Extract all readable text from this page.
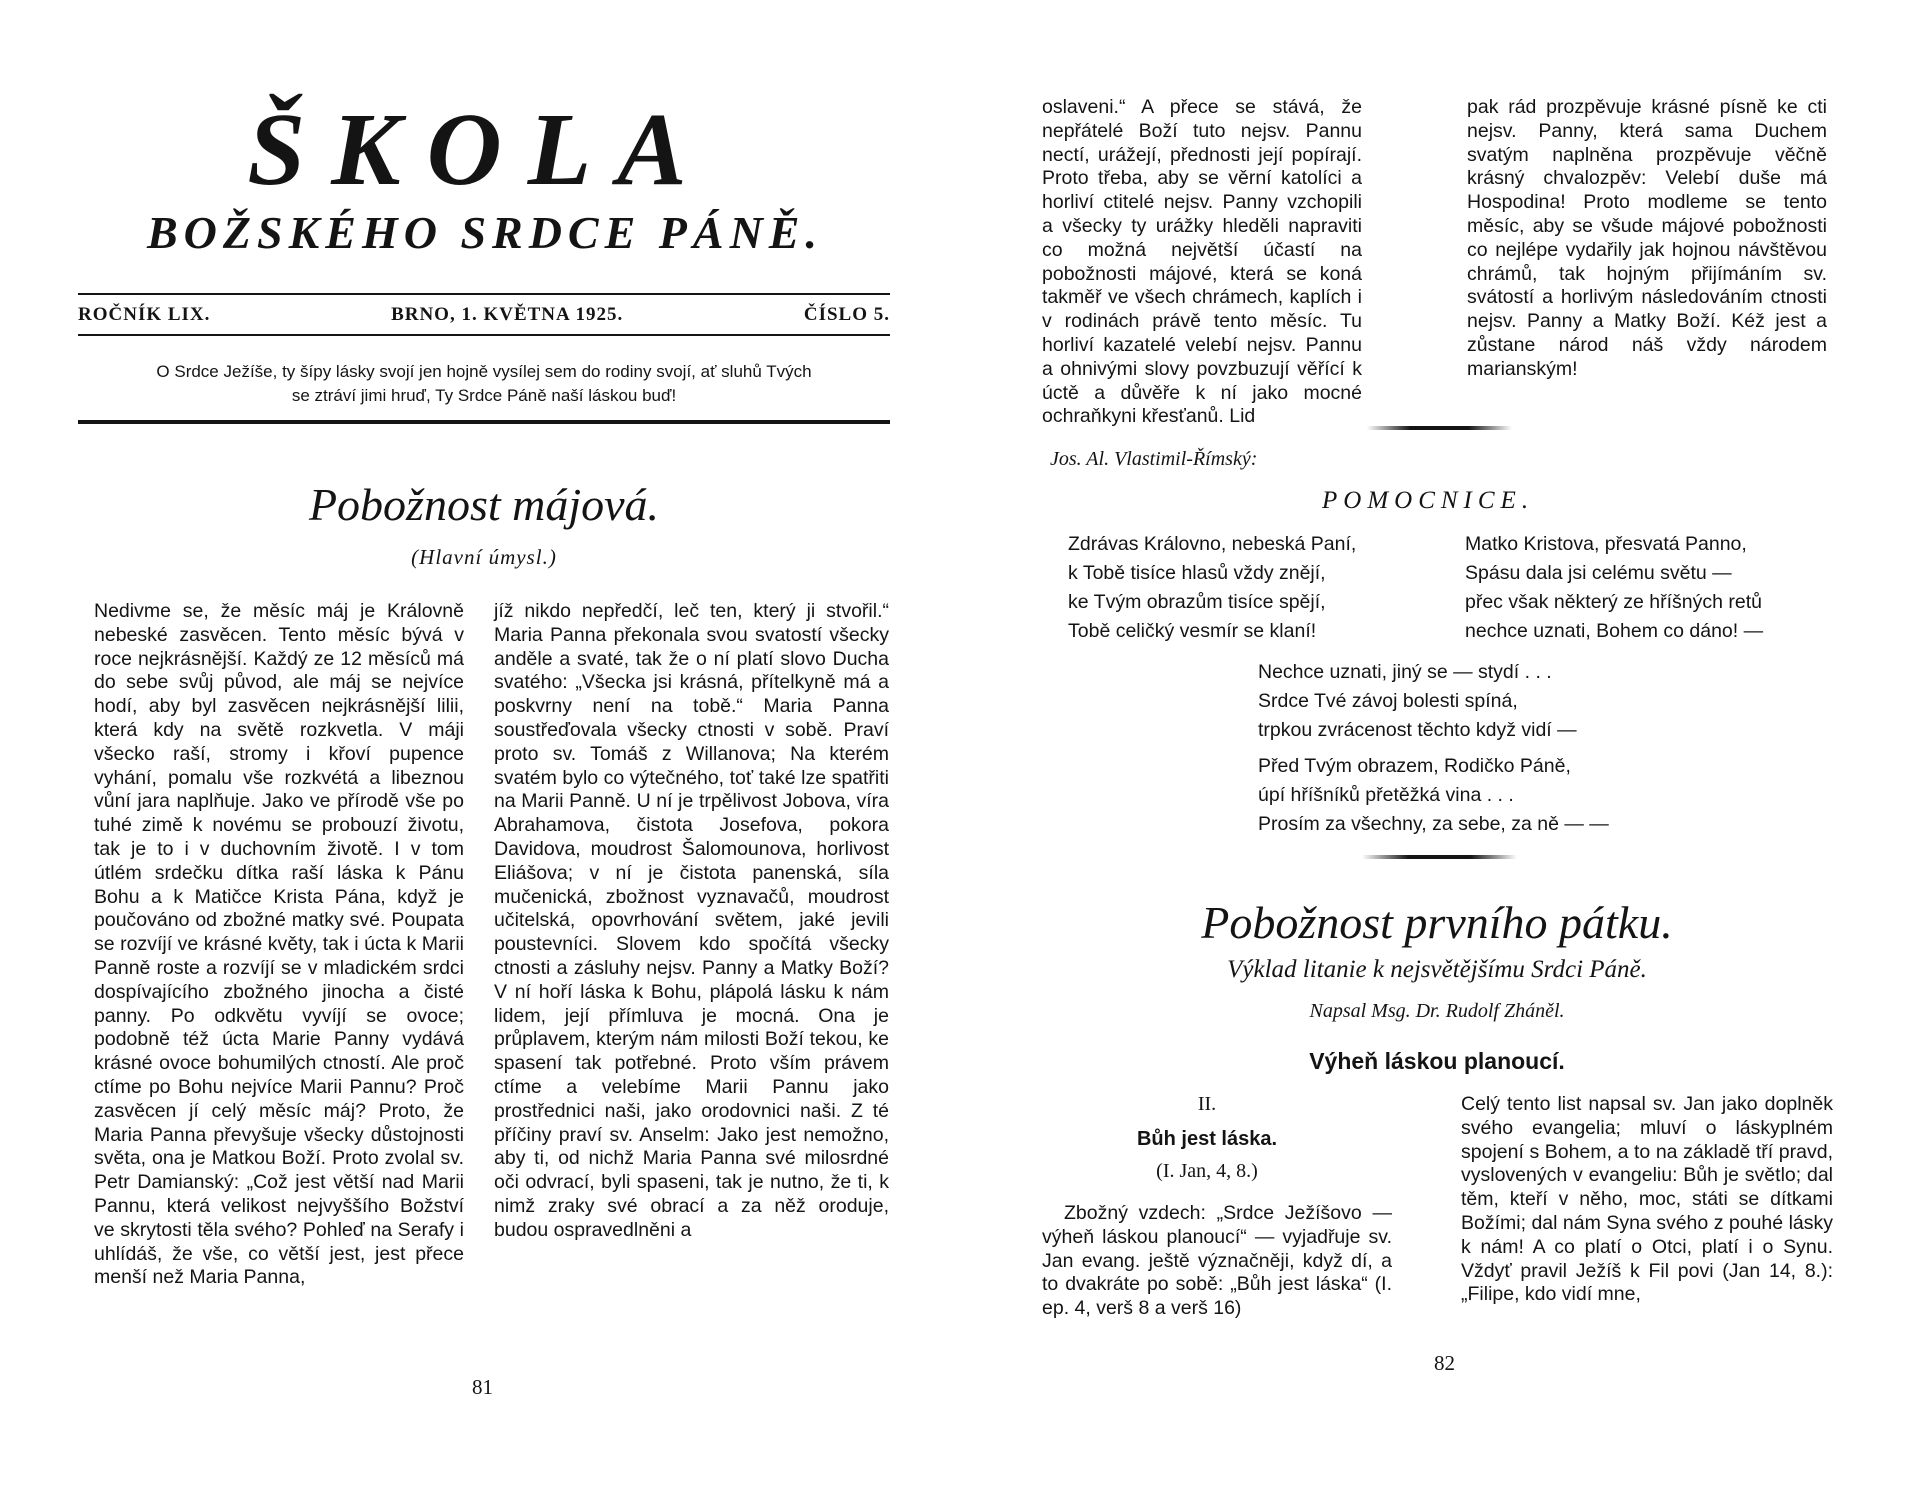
ŠKOLA
BOŽSKÉHO SRDCE PÁNĚ.
ROČNÍK LIX.	BRNO, 1. KVĚTNA 1925.	ČÍSLO 5.
O Srdce Ježíše, ty šípy lásky svojí jen hojně vysílej sem do rodiny svojí, ať sluhů Tvých
se ztráví jimi hruď, Ty Srdce Páně naší láskou buď!
Pobožnost májová.
(Hlavní úmysl.)

Nedivme se, že měsíc máj je Královně nebeské zasvěcen. Tento měsíc bývá v roce nejkrásnější. Každý ze 12 měsíců má do sebe svůj původ, ale máj se nejvíce hodí, aby byl zasvěcen nejkrásnější lilii, která kdy na světě rozkvetla. V máji všecko raší, stromy i křoví pupence vyhání, pomalu vše rozkvétá a libeznou vůní jara naplňuje. Jako ve přírodě vše po tuhé zimě k novému se probouzí životu, tak je to i v duchovním životě. I v tom útlém srdečku dítka raší láska k Pánu Bohu a k Matičce Krista Pána, když je poučováno od zbožné matky své. Poupata se rozvíjí ve krásné květy, tak i úcta k Marii Panně roste a rozvíjí se v mladickém srdci dospívajícího zbožného jinocha a čisté panny. Po odkvětu vyvíjí se ovoce; podobně též úcta Marie Panny vydává krásné ovoce bohumilých ctností. Ale proč ctíme po Bohu nejvíce Marii Pannu? Proč zasvěcen jí celý měsíc máj? Proto, že Maria Panna převyšuje všecky důstojnosti světa, ona je Matkou Boží. Proto zvolal sv. Petr Damianský: „Což jest větší nad Marii Pannu, která velikost nejvyššího Božství ve skrytosti těla svého? Pohleď na Serafy i uhlídáš, že vše, co větší jest, jest přece menší než Maria Panna,

jíž nikdo nepředčí, leč ten, který ji stvořil.“ Maria Panna překonala svou svatostí všecky anděle a svaté, tak že o ní platí slovo Ducha svatého: „Všecka jsi krásná, přítelkyně má a poskvrny není na tobě.“ Maria Panna soustřeďovala všecky ctnosti v sobě. Praví proto sv. Tomáš z Willanova; Na kterém svatém bylo co výtečného, toť také lze spatřiti na Marii Panně. U ní je trpělivost Jobova, víra Abrahamova, čistota Josefova, pokora Davidova, moudrost Šalomounova, horlivost Eliášova; v ní je čistota panenská, síla mučenická, zbožnost vyznavačů, moudrost učitelská, opovrhování světem, jaké jevili poustevníci. Slovem kdo spočítá všecky ctnosti a zásluhy nejsv. Panny a Matky Boží? V ní hoří láska k Bohu, plápolá lásku k nám lidem, její přímluva je mocná. Ona je průplavem, kterým nám milosti Boží tekou, ke spasení tak potřebné. Proto vším právem ctíme a velebíme Marii Pannu jako prostřednici naši, jako orodovnici naši. Z té příčiny praví sv. Anselm: Jako jest nemožno, aby ti, od nichž Maria Panna své milosrdné oči odvrací, byli spaseni, tak je nutno, že ti, k nimž zraky své obrací a za něž oroduje, budou ospravedlněni a

81

oslaveni.“ A přece se stává, že nepřátelé Boží tuto nejsv. Pannu nectí, urážejí, přednosti její popírají. Proto třeba, aby se věrní katolíci a horliví ctitelé nejsv. Panny vzchopili a všecky ty urážky hleděli napraviti co možná největší účastí na pobožnosti májové, která se koná takměř ve všech chrámech, kaplích i v rodinách právě tento měsíc. Tu horliví kazatelé velebí nejsv. Pannu a ohnivými slovy povzbuzují věřící k úctě a důvěře k ní jako mocné ochraňkyni křesťanů. Lid

pak rád prozpěvuje krásné písně ke cti nejsv. Panny, která sama Duchem svatým naplněna prozpěvuje věčně krásný chvalozpěv: Velebí duše má Hospodina! Proto modleme se tento měsíc, aby se všude májové pobožnosti co nejlépe vydařily jak hojnou návštěvou chrámů, tak hojným přijímáním sv. svátostí a horlivým následováním ctnosti nejsv. Panny a Matky Boží. Kéž jest a zůstane národ náš vždy národem marianským!

Jos. Al. Vlastimil-Římský:
POMOCNICE.
Zdrávas Královno, nebeská Paní,
k Tobě tisíce hlasů vždy znějí,
ke Tvým obrazům tisíce spějí,
Tobě celičký vesmír se klaní!
Matko Kristova, přesvatá Panno,
Spásu dala jsi celému světu —
přec však některý ze hříšných retů
nechce uznati, Bohem co dáno! —
Nechce uznati, jiný se — stydí . . .
Srdce Tvé závoj bolesti spíná,
trpkou zvrácenost těchto když vidí —
Před Tvým obrazem, Rodičko Páně,
úpí hříšníků přetěžká vina . . .
Prosím za všechny, za sebe, za ně — —
Pobožnost prvního pátku.
Výklad litanie k nejsvětějšímu Srdci Páně.
Napsal Msg. Dr. Rudolf Zháněl.
Výheň láskou planoucí.
II.
Bůh jest láska.
(I. Jan, 4, 8.)

Zbožný vzdech: „Srdce Ježíšovo — výheň láskou planoucí“ — vyjadřuje sv. Jan evang. ještě význačněji, když dí, a to dvakráte po sobě: „Bůh jest láska“ (I. ep. 4, verš 8 a verš 16)

Celý tento list napsal sv. Jan jako doplněk svého evangelia; mluví o láskyplném spojení s Bohem, a to na základě tří pravd, vyslovených v evangeliu: Bůh je světlo; dal těm, kteří v něho, moc, státi se dítkami Božími; dal nám Syna svého z pouhé lásky k nám! A co platí o Otci, platí i o Synu. Vždyť pravil Ježíš k Fil povi (Jan 14, 8.): „Filipe, kdo vidí mne,

82
